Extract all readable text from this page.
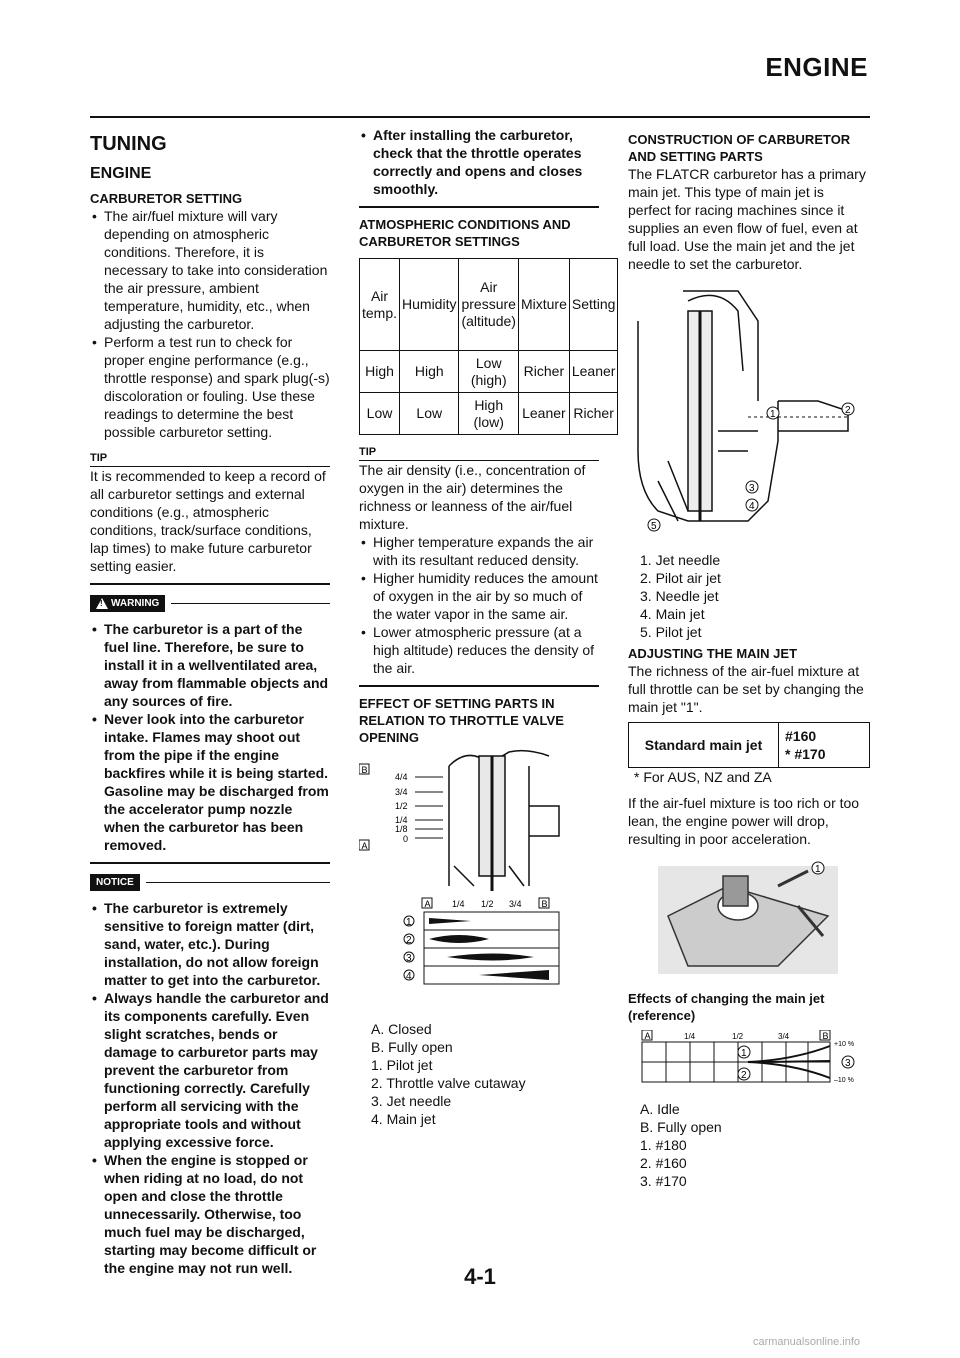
ENGINE
TUNING
ENGINE
CARBURETOR SETTING
• The air/fuel mixture will vary depending on atmospheric conditions. Therefore, it is necessary to take into consideration the air pressure, ambient temperature, humidity, etc., when adjusting the carburetor.
• Perform a test run to check for proper engine performance (e.g., throttle response) and spark plug(-s) discoloration or fouling. Use these readings to determine the best possible carburetor setting.
TIP

It is recommended to keep a record of all carburetor settings and external conditions (e.g., atmospheric conditions, track/surface conditions, lap times) to make future carburetor setting easier.

! WARNING
• The carburetor is a part of the fuel line. Therefore, be sure to install it in a wellventilated area, away from flammable objects and any sources of fire.
• Never look into the carburetor intake. Flames may shoot out from the pipe if the engine backfires while it is being started. Gasoline may be discharged from the accelerator pump nozzle when the carburetor has been removed.
NOTICE
• The carburetor is extremely sensitive to foreign matter (dirt, sand, water, etc.). During installation, do not allow foreign matter to get into the carburetor.
• Always handle the carburetor and its components carefully. Even slight scratches, bends or damage to carburetor parts may prevent the carburetor from functioning correctly. Carefully perform all servicing with the appropriate tools and without applying excessive force.
• When the engine is stopped or when riding at no load, do not open and close the throttle unnecessarily. Otherwise, too much fuel may be discharged, starting may become difficult or the engine may not run well.
• After installing the carburetor, check that the throttle operates correctly and opens and closes smoothly.
ATMOSPHERIC CONDITIONS AND CARBURETOR SETTINGS
Air temp.	Humidity	Air pressure (altitude)	Mixture	Setting
High	High	Low (high)	Richer	Leaner
Low	Low	High (low)	Leaner	Richer
TIP

The air density (i.e., concentration of oxygen in the air) determines the richness or leanness of the air/fuel mixture.

• Higher temperature expands the air with its resultant reduced density.
• Higher humidity reduces the amount of oxygen in the air by so much of the water vapor in the same air.
• Lower atmospheric pressure (at a high altitude) reduces the density of the air.
EFFECT OF SETTING PARTS IN RELATION TO THROTTLE VALVE OPENING
B
A
4/4
3/4
1/2
1/4
1/8
0
A 1/4 1/2 3/4 B
1
2
3
4
A. Closed
B. Fully open
1. Pilot jet
2. Throttle valve cutaway
3. Jet needle
4. Main jet
CONSTRUCTION OF CARBURETOR AND SETTING PARTS

The FLATCR carburetor has a primary main jet. This type of main jet is perfect for racing machines since it supplies an even flow of fuel, even at full load. Use the main jet and the jet needle to set the carburetor.

1	2
3
4
5
1. Jet needle
2. Pilot air jet
3. Needle jet
4. Main jet
5. Pilot jet
ADJUSTING THE MAIN JET

The richness of the air-fuel mixture at full throttle can be set by changing the main jet "1".

Standard main jet	
#160
* #170

* For AUS, NZ and ZA

If the air-fuel mixture is too rich or too lean, the engine power will drop, resulting in poor acceleration.

1
Effects of changing the main jet (reference)
A	1/4	1/2	3/4	B
1
2
3
+10 %
–10 %
A. Idle
B. Fully open
1. #180
2. #160
3. #170
4-1
carmanualsonline.info
